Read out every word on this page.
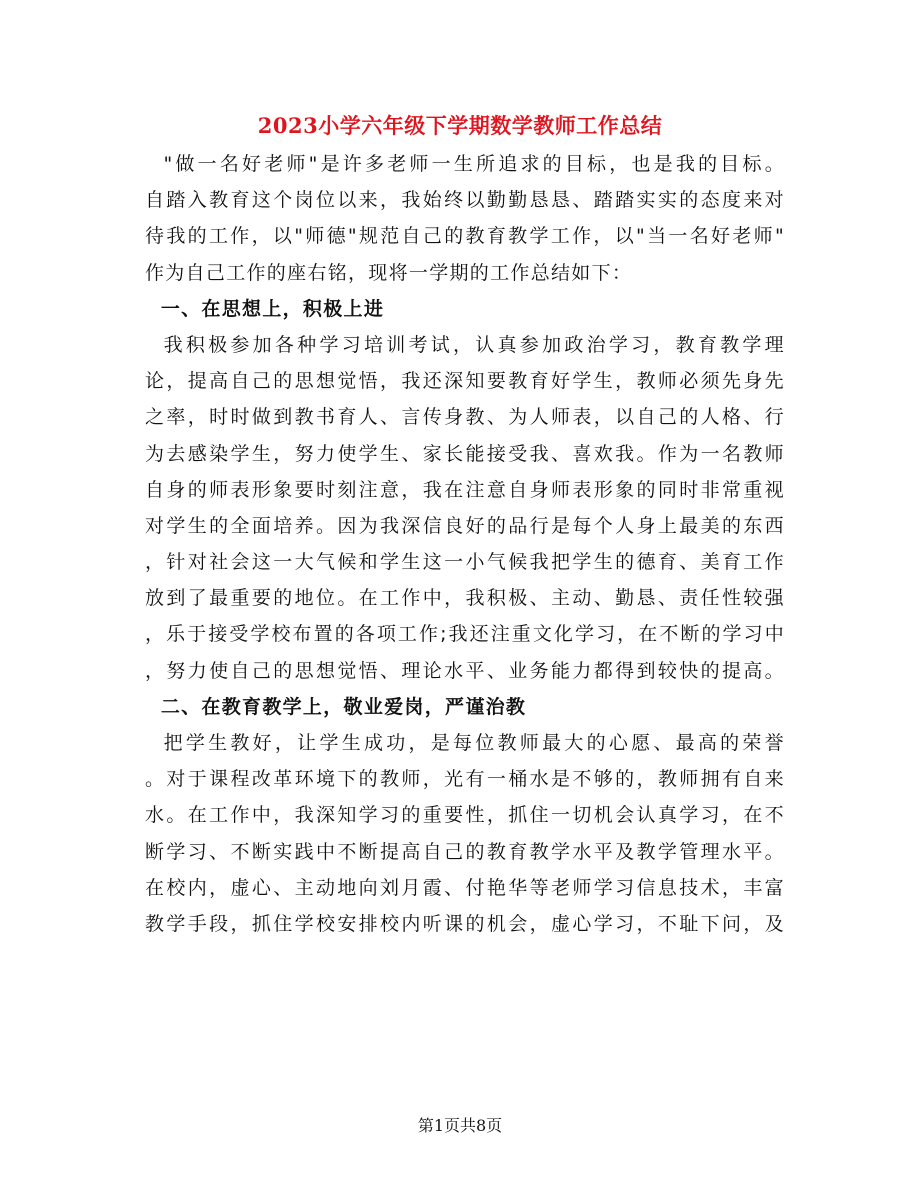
2023小学六年级下学期数学教师工作总结

"做一名好老师"是许多老师一生所追求的目标，也是我的目标。

自踏入教育这个岗位以来，我始终以勤勤恳恳、踏踏实实的态度来对

待我的工作，以"师德"规范自己的教育教学工作，以"当一名好老师"

作为自己工作的座右铭，现将一学期的工作总结如下：

一、在思想上，积极上进

我积极参加各种学习培训考试，认真参加政治学习，教育教学理

论，提高自己的思想觉悟，我还深知要教育好学生，教师必须先身先

之率，时时做到教书育人、言传身教、为人师表，以自己的人格、行

为去感染学生，努力使学生、家长能接受我、喜欢我。作为一名教师

自身的师表形象要时刻注意，我在注意自身师表形象的同时非常重视

对学生的全面培养。因为我深信良好的品行是每个人身上最美的东西

，针对社会这一大气候和学生这一小气候我把学生的德育、美育工作

放到了最重要的地位。在工作中，我积极、主动、勤恳、责任性较强

，乐于接受学校布置的各项工作;我还注重文化学习，在不断的学习中

，努力使自己的思想觉悟、理论水平、业务能力都得到较快的提高。

二、在教育教学上，敬业爱岗，严谨治教

把学生教好，让学生成功，是每位教师最大的心愿、最高的荣誉

。对于课程改革环境下的教师，光有一桶水是不够的，教师拥有自来

水。在工作中，我深知学习的重要性，抓住一切机会认真学习，在不

断学习、不断实践中不断提高自己的教育教学水平及教学管理水平。

在校内，虚心、主动地向刘月霞、付艳华等老师学习信息技术，丰富

教学手段，抓住学校安排校内听课的机会，虚心学习，不耻下问，及

第1页共8页
